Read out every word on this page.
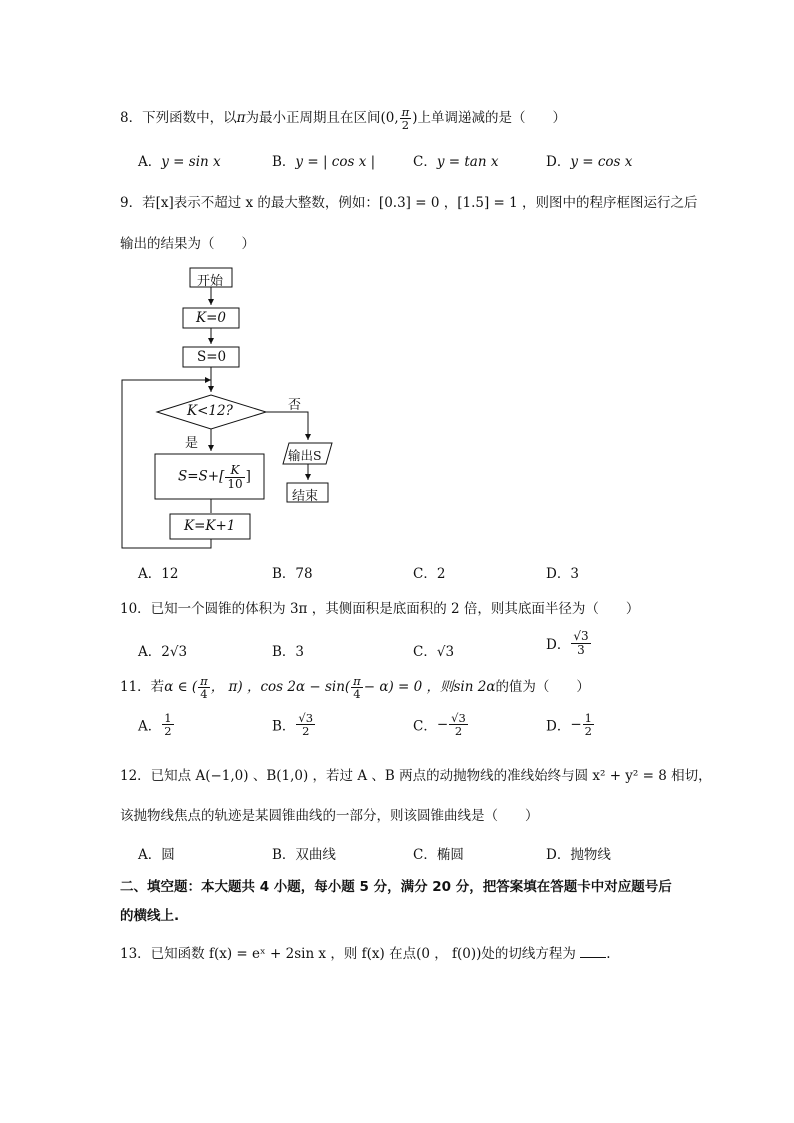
8．下列函数中，以π为最小正周期且在区间(0, $\frac{\pi}{2}$ )上单调递减的是（　　）
A．y = sin x	B．y = | cos x |	C．y = tan x	D．y = cos x
9．若[x]表示不超过 x 的最大整数，例如：[0.3] = 0 ，[1.5] = 1 ，则图中的程序框图运行之后
输出的结果为（　　）
开始
K=0
S=0
K<12?	否
是
$S=S+[ \frac{K}{10}$ ]
K=K+1
输出S
结束
A．12	B．78	C．2	D．3
10．已知一个圆锥的体积为 3π ，其侧面积是底面积的 2 倍，则其底面半径为（　　）
A．2√3	B．3	C．√3	D． $\frac{√3}{3}$
11．若α ∈ ( $\frac{\pi}{4}$ ， π) ，$\cos 2\alpha - \sin( \frac{\pi}{4} - \alpha) = 0$ ，则sin 2α的值为（　　）
A． $\frac{1}{2}$	B． $\frac{√3}{2}$	C．− $\frac{√3}{2}$	D．− $\frac{1}{2}$
12．已知点 A(−1,0) 、B(1,0) ，若过 A 、B 两点的动抛物线的准线始终与圆 x² + y² = 8 相切，
该抛物线焦点的轨迹是某圆锥曲线的一部分，则该圆锥曲线是（　　）
A．圆	B．双曲线	C．椭圆	D．抛物线
二、填空题：本大题共 4 小题，每小题 5 分，满分 20 分，把答案填在答题卡中对应题号后
的横线上.
13．已知函数 f(x) = eˣ + 2sin x ，则 f(x) 在点(0 ， f(0))处的切线方程为 .
